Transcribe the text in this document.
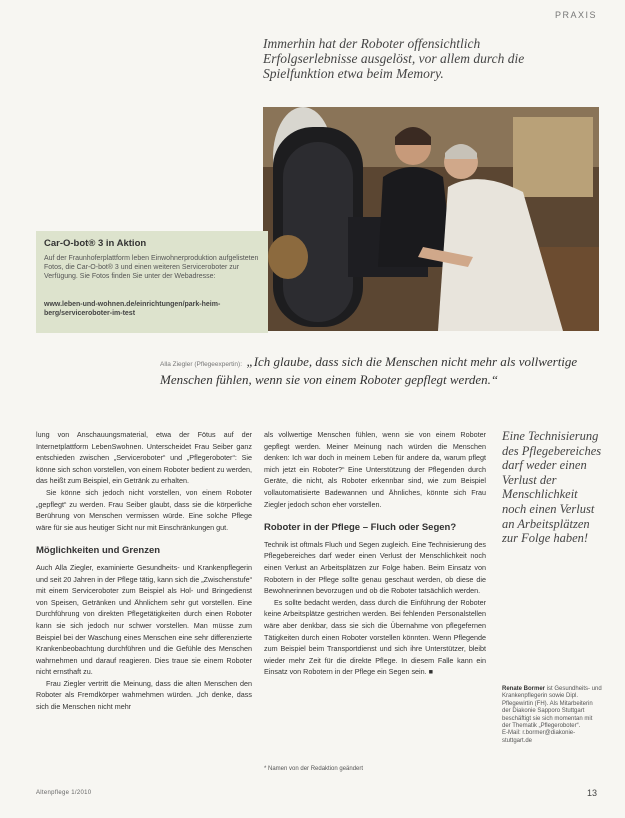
PRAXIS
Immerhin hat der Roboter offensichtlich Erfolgserlebnisse ausgelöst, vor allem durch die Spielfunktion etwa beim Memory.
Car-O-bot® 3 in Aktion
Auf der Fraunhoferplattform leben Einwohnerproduktion aufgelisteten Fotos, die Car-O-bot® 3 und einen weiteren Serviceroboter zur Verfügung. Sie Fotos finden Sie unter der Webadresse:
www.leben-und-wohnen.de/einrichtungen/park-heim-berg/serviceroboter-im-test
Alla Ziegler (Pflegeexpertin): „Ich glaube, dass sich die Menschen nicht mehr als vollwertige Menschen fühlen, wenn sie von einem Roboter gepflegt werden.“

lung von Anschauungsmaterial, etwa der Fötus auf der Internetplattform LebenSwohnen. Unterscheidet Frau Seiber ganz entschieden zwischen „Serviceroboter“ und „Pflegeroboter“: Sie könne sich schon vorstellen, von einem Roboter bedient zu werden, das heißt zum Beispiel, ein Getränk zu erhalten.

Sie könne sich jedoch nicht vorstellen, von einem Roboter „gepflegt“ zu werden. Frau Seiber glaubt, dass sie die körperliche Berührung von Menschen vermissen würde. Eine solche Pflege wäre für sie aus heutiger Sicht nur mit Einschränkungen gut.

Möglichkeiten und Grenzen

Auch Alla Ziegler, examinierte Gesundheits- und Krankenpflegerin und seit 20 Jahren in der Pflege tätig, kann sich die „Zwischenstufe“ mit einem Serviceroboter zum Beispiel als Hol- und Bringedienst von Speisen, Getränken und Ähnlichem sehr gut vorstellen. Eine Durchführung von direkten Pflegetätigkeiten durch einen Roboter kann sie sich jedoch nur schwer vorstellen. Man müsse zum Beispiel bei der Waschung eines Menschen eine sehr differenzierte Krankenbeobachtung durchführen und die Gefühle des Menschen wahrnehmen und darauf reagieren. Dies traue sie einem Roboter nicht ernsthaft zu.

Frau Ziegler vertritt die Meinung, dass die alten Menschen den Roboter als Fremdkörper wahrnehmen würden. „Ich denke, dass sich die Menschen nicht mehr

als vollwertige Menschen fühlen, wenn sie von einem Roboter gepflegt werden. Meiner Meinung nach würden die Menschen denken: Ich war doch in meinem Leben für andere da, warum pflegt mich jetzt ein Roboter?“ Eine Unterstützung der Pflegenden durch Geräte, die nicht, als Roboter erkennbar sind, wie zum Beispiel vollautomatisierte Badewannen und Ähnliches, könnte sich Frau Ziegler jedoch schon eher vorstellen.

Roboter in der Pflege – Fluch oder Segen?

Technik ist oftmals Fluch und Segen zugleich. Eine Technisierung des Pflegebereiches darf weder einen Verlust der Menschlichkeit noch einen Verlust an Arbeitsplätzen zur Folge haben. Beim Einsatz von Robotern in der Pflege sollte genau geschaut werden, ob diese die Bewohnerinnen bevorzugen und ob die Roboter tatsächlich werden.

Es sollte bedacht werden, dass durch die Einführung der Roboter keine Arbeitsplätze gestrichen werden. Bei fehlenden Personalstellen wäre aber denkbar, dass sie sich die Übernahme von pflegefernen Tätigkeiten durch einen Roboter vorstellen könnten. Wenn Pflegende zum Beispiel beim Transportdienst und sich ihre Unterstützer, bleibt wieder mehr Zeit für die direkte Pflege. In diesem Falle kann ein Einsatz von Robotern in der Pflege ein Segen sein. ■

Eine Technisierung des Pflegebereiches darf weder einen Verlust der Menschlichkeit noch einen Verlust an Arbeitsplätzen zur Folge haben!
Renate Bormer ist Gesundheits- und Krankenpflegerin sowie Dipl. Pflegewirtin (FH). Als Mitarbeiterin der Diakonie Sapporo Stuttgart beschäftigt sie sich momentan mit der Thematik „Pflegeroboter“.
E-Mail: r.bormer@diakonie-stuttgart.de
* Namen von der Redaktion geändert
Altenpflege 1/2010	13
